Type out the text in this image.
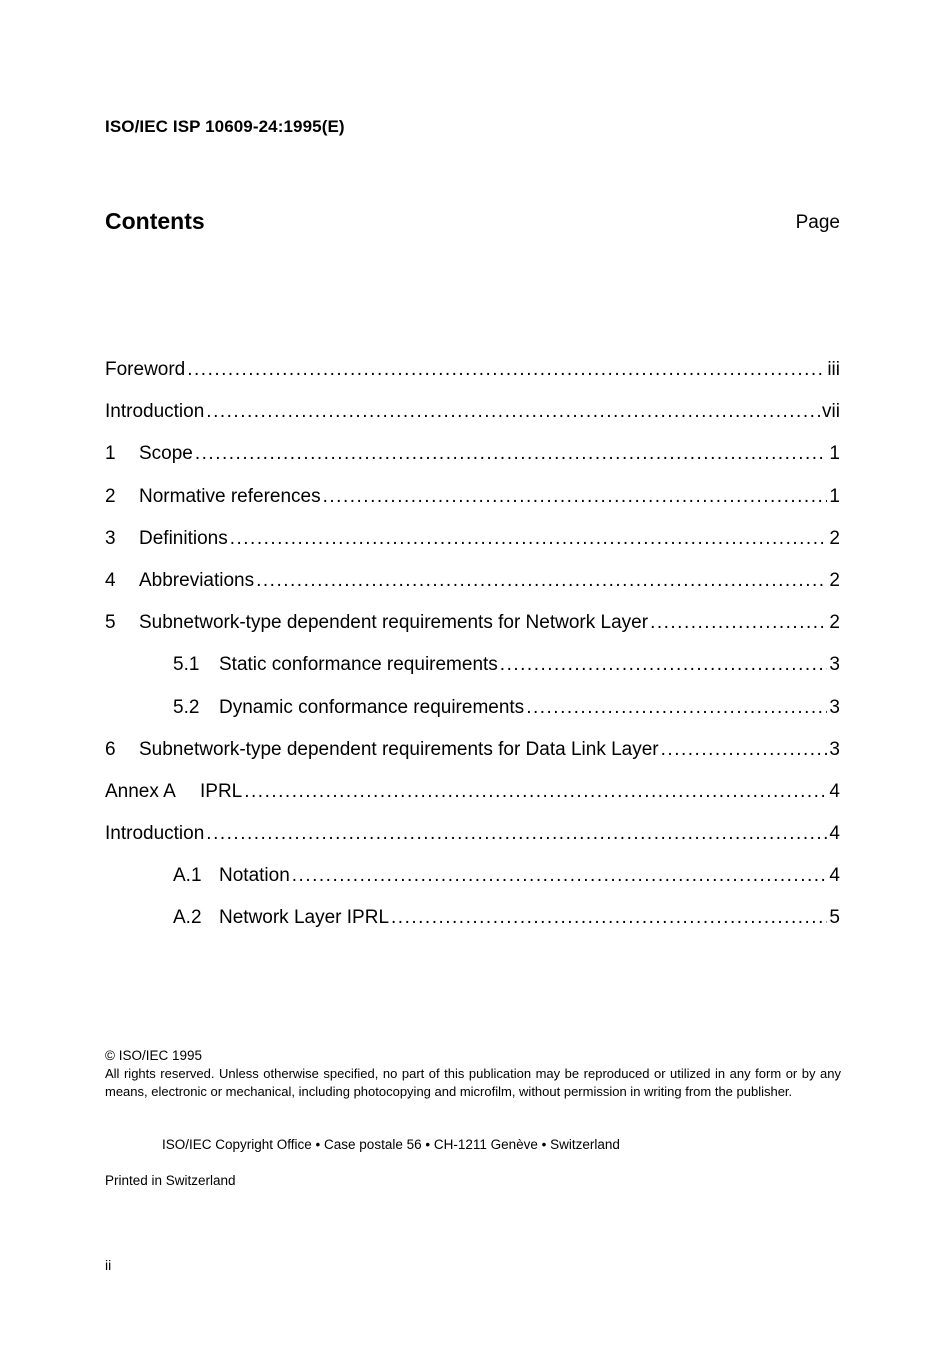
ISO/IEC ISP 10609-24:1995(E)
Contents	Page
Foreword .....	iii
Introduction .....	vii
1	Scope .....	1
2	Normative references .....	1
3	Definitions .....	2
4	Abbreviations .....	2
5	Subnetwork-type dependent requirements for Network Layer .....	2
5.1	Static conformance requirements .....	3
5.2	Dynamic conformance requirements .....	3
6	Subnetwork-type dependent requirements for Data Link Layer .....	3
Annex A	IPRL .....	4
Introduction .....	4
A.1 Notation .....	4
A.2 Network Layer IPRL .....	5
© ISO/IEC 1995
All rights reserved. Unless otherwise specified, no part of this publication may be reproduced or utilized in any form or by any means, electronic or mechanical, including photocopying and microfilm, without permission in writing from the publisher.
ISO/IEC Copyright Office • Case postale 56 • CH-1211 Genève • Switzerland
Printed in Switzerland
ii
